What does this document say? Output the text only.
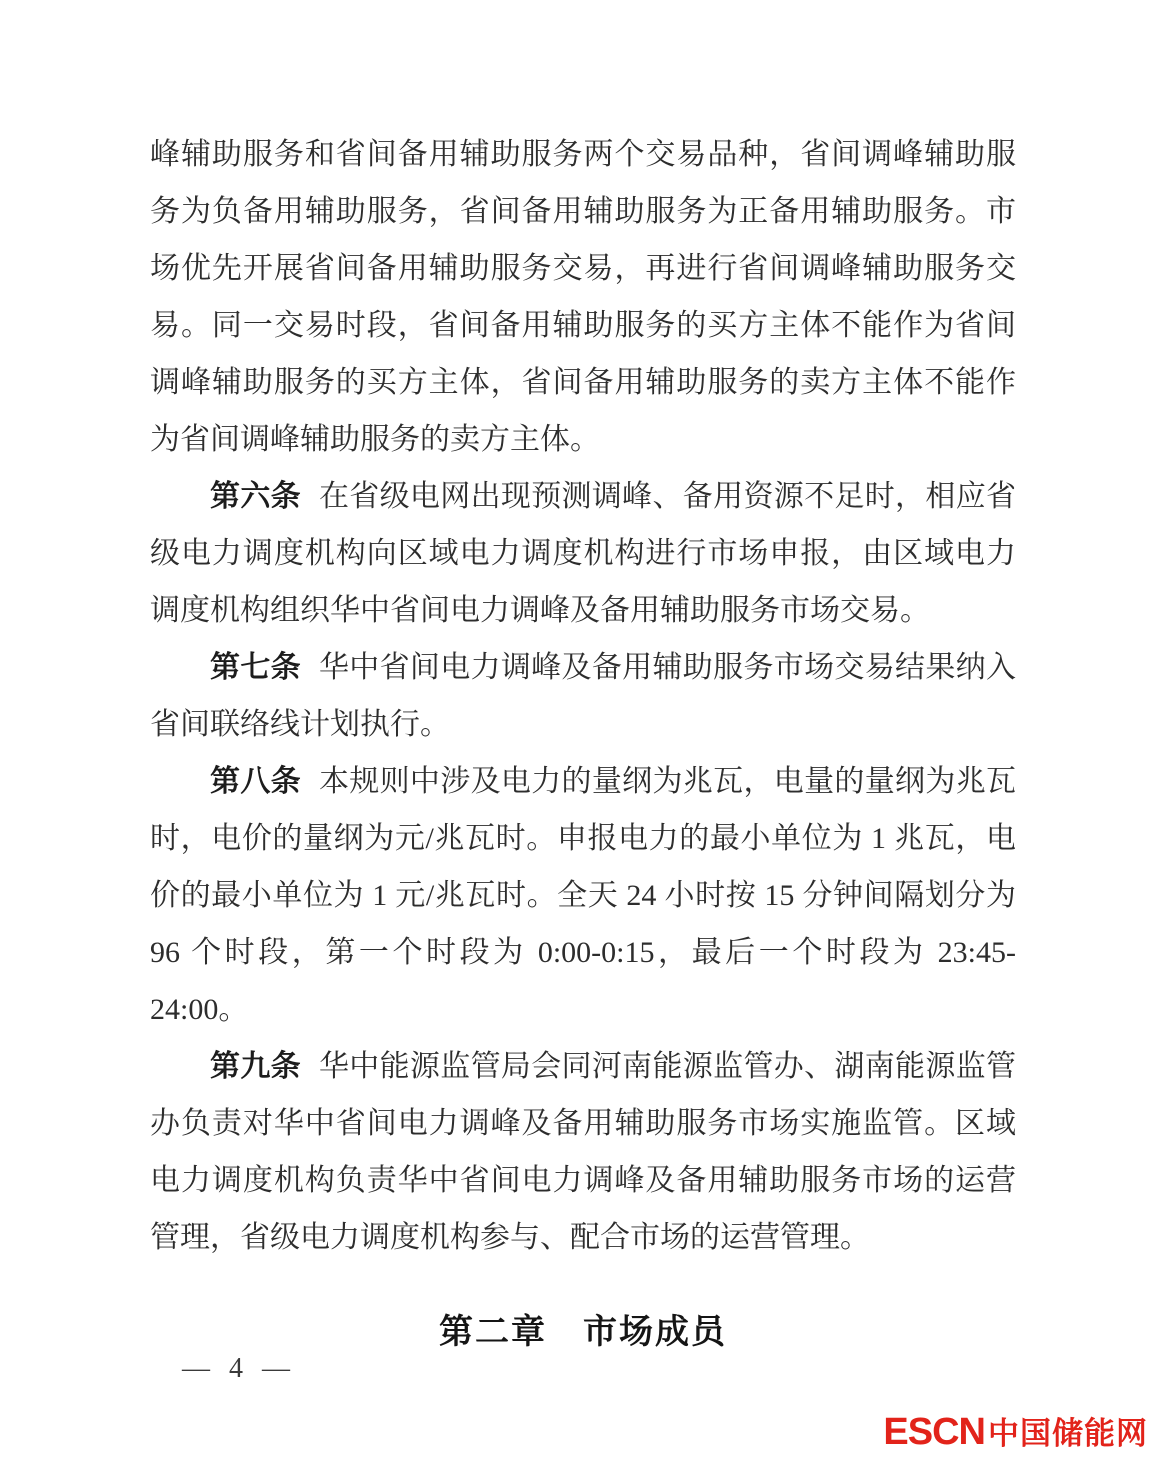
峰辅助服务和省间备用辅助服务两个交易品种，省间调峰辅助服务为负备用辅助服务，省间备用辅助服务为正备用辅助服务。市场优先开展省间备用辅助服务交易，再进行省间调峰辅助服务交易。同一交易时段，省间备用辅助服务的买方主体不能作为省间调峰辅助服务的买方主体，省间备用辅助服务的卖方主体不能作为省间调峰辅助服务的卖方主体。

第六条 在省级电网出现预测调峰、备用资源不足时，相应省级电力调度机构向区域电力调度机构进行市场申报，由区域电力调度机构组织华中省间电力调峰及备用辅助服务市场交易。

第七条 华中省间电力调峰及备用辅助服务市场交易结果纳入省间联络线计划执行。

第八条 本规则中涉及电力的量纲为兆瓦，电量的量纲为兆瓦时，电价的量纲为元/兆瓦时。申报电力的最小单位为 1 兆瓦，电价的最小单位为 1 元/兆瓦时。全天 24 小时按 15 分钟间隔划分为 96 个时段，第一个时段为 0:00-0:15，最后一个时段为 23:45-24:00。

第九条 华中能源监管局会同河南能源监管办、湖南能源监管办负责对华中省间电力调峰及备用辅助服务市场实施监管。区域电力调度机构负责华中省间电力调峰及备用辅助服务市场的运营管理，省级电力调度机构参与、配合市场的运营管理。

第二章　市场成员
— 4 —
ESCN 中国储能网
